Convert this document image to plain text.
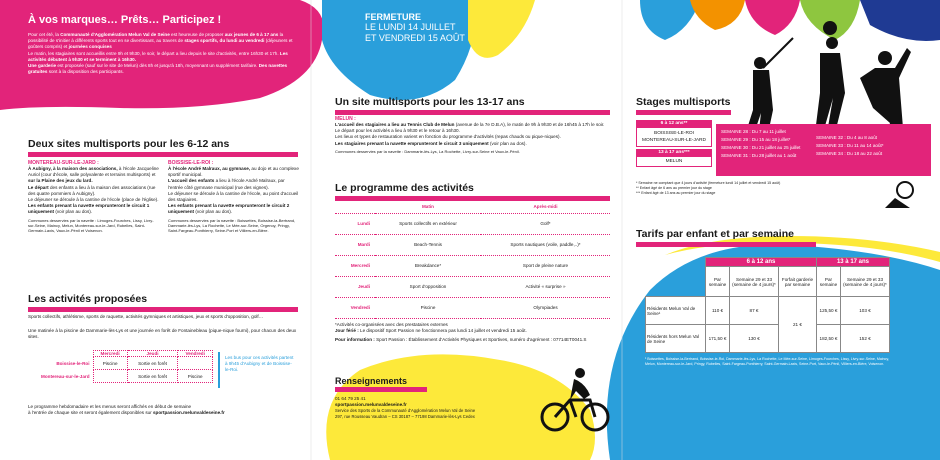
À vos marques… Prêts… Participez !
Pour cet été, la Communauté d'Agglomération Melun Val de Seine est heureuse de proposer aux jeunes de 6 à 17 ans la possibilité de s'initier à différents sports tout en se divertissant, au travers de stages sportifs, du lundi au vendredi (déjeuners et goûters compris) et journées conquises
Le matin, les stagiaires sont accueillis entre 9h et 9h30, le soir, le départ a lieu depuis le site d'activités, entre 16h30 et 17h. Les activités débutent à 9h30 et se terminent à 16h30.
Une garderie est proposée (sauf sur le site de Melun) dès 8h et jusqu'à 18h, moyennant un supplément tarifaire. Des navettes gratuites sont à la disposition des participants.
Deux sites multisports pour les 6-12 ans
MONTEREAU-SUR-LE-JARD :
À Aubigny, à la maison des associations, à l'école Jacqueline Auriol (cour d'école, salle polyvalente et terrains multisports) et sur la Plaine des jeux du lard.
Le départ des enfants a lieu à la maison des associations (rue des quatre pommiers à Aubigny).
Le déjeuner se déroule à la cantine de l'école (place de l'église).
Les enfants prenant la navette emprunteront le circuit 1 uniquement (voir plan au dos).
Communes desservies par la navette : Limoges-Fourches, Lissy, Livry-sur-Seine, Maincy, Melun, Montereau-sur-le-Jard, Rubelles, Saint-Germain-Laxis, Vaux-le-Pénil et Voisenon.
BOISSISE-LE-ROI :
À l'école André Malraux, au gymnase, au dojo et au complexe sportif municipal.
L'accueil des enfants a lieu à l'école André Malraux, par l'entrée côté gymnase municipal (rue des vignes).
Le déjeuner se déroule à la cantine de l'école, au point d'accueil des stagiaires.
Les enfants prenant la navette emprunteront le circuit 2 uniquement (voir plan au dos).
Communes desservies par la navette : Boissettes, Boissise-la-Bertrand, Dammarie-lès-Lys, La Rochette, Le Mée-sur-Seine, Orgenoy, Pringy, Saint-Fargeau-Ponthierry, Seine-Port et Villiers-en-Bière.
Les activités proposées
Sports collectifs, athlétisme, sports de raquette, activités gymniques et artistiques, jeux et sports d'opposition, golf…
Une matinée à la piscine de Dammarie-lès-Lys et une journée en forêt de Fontainebleau (pique-nique fourni), pour chacun des deux sites.
	Mercredi	Jeudi	Vendredi
Boissise-le-Roi	Piscine	Sortie en forêt	
Montereau-sur-le-Jard		Sortie en forêt	Piscine
Les bus pour ces activités partent à 9h45 d'Aubigny et de Boissise-le-Roi.
Le programme hebdomadaire et les menus seront affichés en début de semaine
à l'entrée de chaque site et seront également disponibles sur sportpassion.melunvaldeseine.fr
FERMETURE
LE LUNDI 14 JUILLET
ET VENDREDI 15 AOÛT
Un site multisports pour les 13-17 ans
MELUN :
L'accueil des stagiaires a lieu au Tennis Club de Melun (avenue de la 7e D.B.A), le matin de 9h à 9h30 et de 16h45 à 17h le soir. Le départ pour les activités a lieu à 9h30 et le retour à 16h30.
Les lieux et types de restauration varient en fonction du programme d'activités (repas chauds ou pique-niques).
Les stagiaires prenant la navette emprunteront le circuit 3 uniquement (voir plan au dos).
Communes desservies par la navette : Dammarie-lès-Lys, La Rochette, Livry-sur-Seine et Vaux-le-Pénil.
Le programme des activités
	Matin	Après-midi
Lundi	Sports collectifs en extérieur	Golf*
Mardi	Beach-Tennis	Sports nautiques (voile, paddle,..)*
Mercredi	Breakdance*	Sport de pleine nature
Jeudi	Sport d'opposition	Activité « surprise »
Vendredi	Piscine	Olympiades
*Activités co-organisées avec des prestataires externes
Jour férié : Le dispositif Sport Passion ne fonctionnera pas lundi 14 juillet et vendredi 15 août.
Pour information : Sport Passion : Établissement d'Activités Physiques et Sportives, numéro d'agrément : 07714ET0041.S
Renseignements
01 64 79 25 41
sportpassion.melunvaldeseine.fr
Service des Sports de la Communauté d'Agglomération Melun Val de Seine
297, rue Rousseau Vaudran – CS 30187 – 77198 Dammarie-lès-Lys Cedex
Stages multisports
6 à 12 ans**
BOISSISE-LE-ROI
MONTEREAU-SUR-LE-JARD
13 à 17 ans***
MELUN
SEMAINE 28 : Du 7 au 11 juillet
SEMAINE 29 : Du 15 au 18 juillet*
SEMAINE 30 : Du 21 juillet au 25 juillet
SEMAINE 31 : Du 28 juillet au 1 août
SEMAINE 32 : Du 4 au 8 août
SEMAINE 33 : Du 11 au 14 août*
SEMAINE 34 : Du 18 au 22 août
* Semaine ne comptant que 4 jours d'activité (fermeture lundi 14 juillet et vendredi 15 août)
** Enfant âgé de 6 ans au premier jour du stage
*** Enfant âgé de 13 ans au premier jour du stage
Tarifs par enfant et par semaine
	6 à 12 ans			13 à 17 ans	
	Par semaine	Semaine 29 et 33 (semaine de 4 jours)*	Forfait garderie par semaine	Par semaine	Semaine 29 et 33 (semaine de 4 jours)*
Résidents Melun Val de Seine¹	110 €	87 €	21 €	125,50 €	103 €
Résidents hors Melun Val de Seine	171,50 €	130 €		182,50 €	152 €
¹ Boissettes, Boissise-la-Bertrand, Boissise-le-Roi, Dammarie-lès-Lys, La Rochette, Le Mée-sur-Seine, Limoges-Fourches, Lissy, Livry-sur-Seine, Maincy, Melun, Montereau-sur-le-Jard, Pringy, Rubelles, Saint-Fargeau-Ponthierry, Saint-Germain-Laxis, Seine-Port, Vaux-le-Pénil, Villiers-en-Bière, Voisenon.
